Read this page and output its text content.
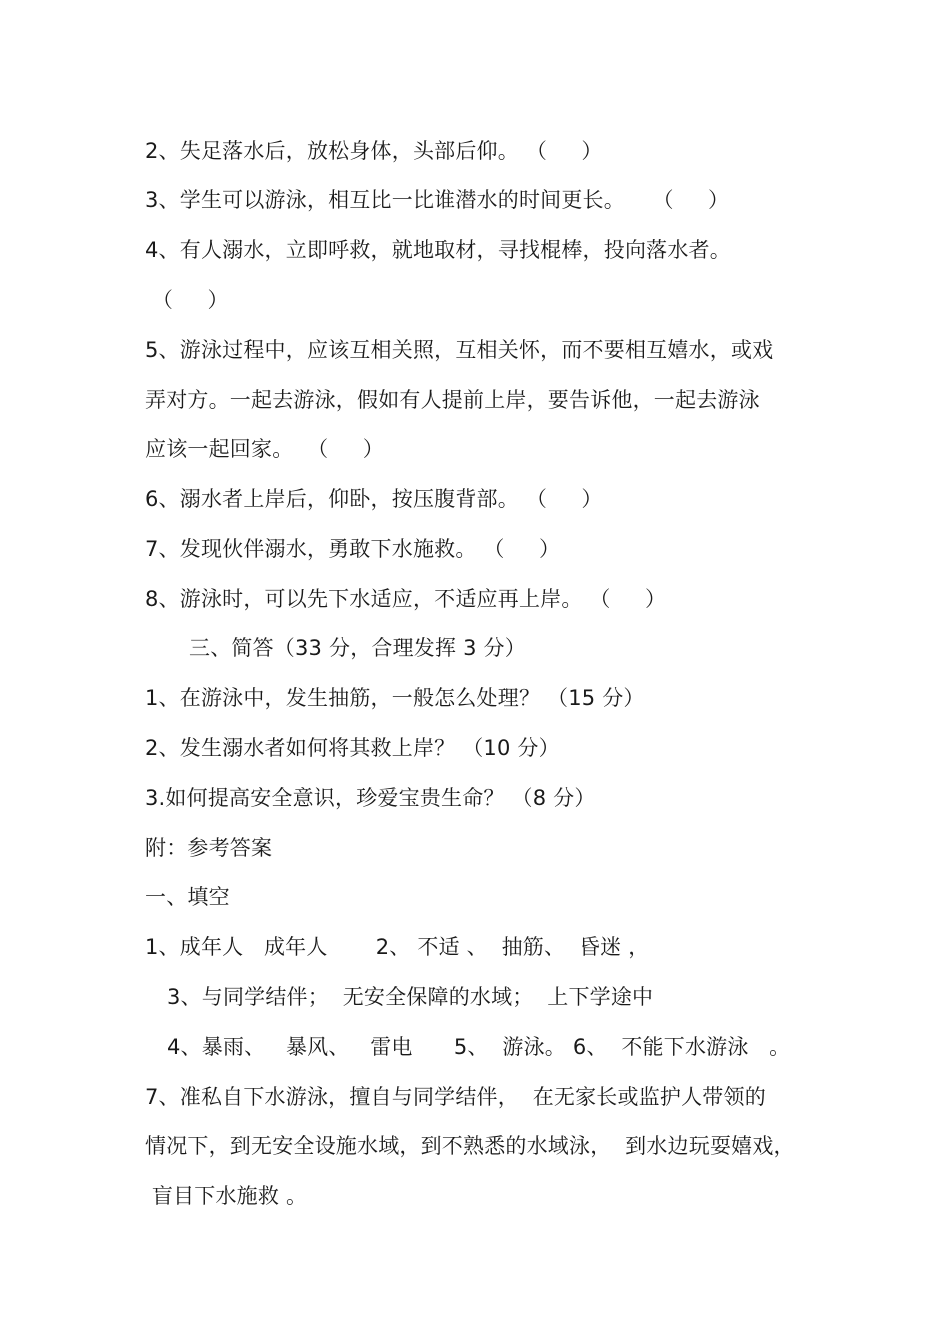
2、失足落水后，放松身体，头部后仰。 （     ）
3、学生可以游泳，相互比一比谁潜水的时间更长。    （     ）
4、有人溺水，立即呼救，就地取材，寻找棍棒，投向落水者。
（     ）
5、游泳过程中，应该互相关照，互相关怀，而不要相互嬉水，或戏
弄对方。一起去游泳，假如有人提前上岸，要告诉他，一起去游泳
应该一起回家。  （     ）
6、溺水者上岸后，仰卧，按压腹背部。 （     ）
7、发现伙伴溺水，勇敢下水施救。 （     ）
8、游泳时，可以先下水适应，不适应再上岸。 （     ）
三、简答（33 分，合理发挥 3 分）
1、在游泳中，发生抽筋，一般怎么处理？ （15 分）
2、发生溺水者如何将其救上岸？ （10 分）
3.如何提高安全意识，珍爱宝贵生命？ （8 分）
附：参考答案
一、填空
1、成年人   成年人       2、 不适 、  抽筋、  昏迷 ，
3、与同学结伴；  无安全保障的水域；  上下学途中
4、暴雨、   暴风、   雷电      5、  游泳。 6、  不能下水游泳   。
7、准私自下水游泳，擅自与同学结伴，  在无家长或监护人带领的
情况下，到无安全设施水域，到不熟悉的水域泳，  到水边玩耍嬉戏，
盲目下水施救 。
